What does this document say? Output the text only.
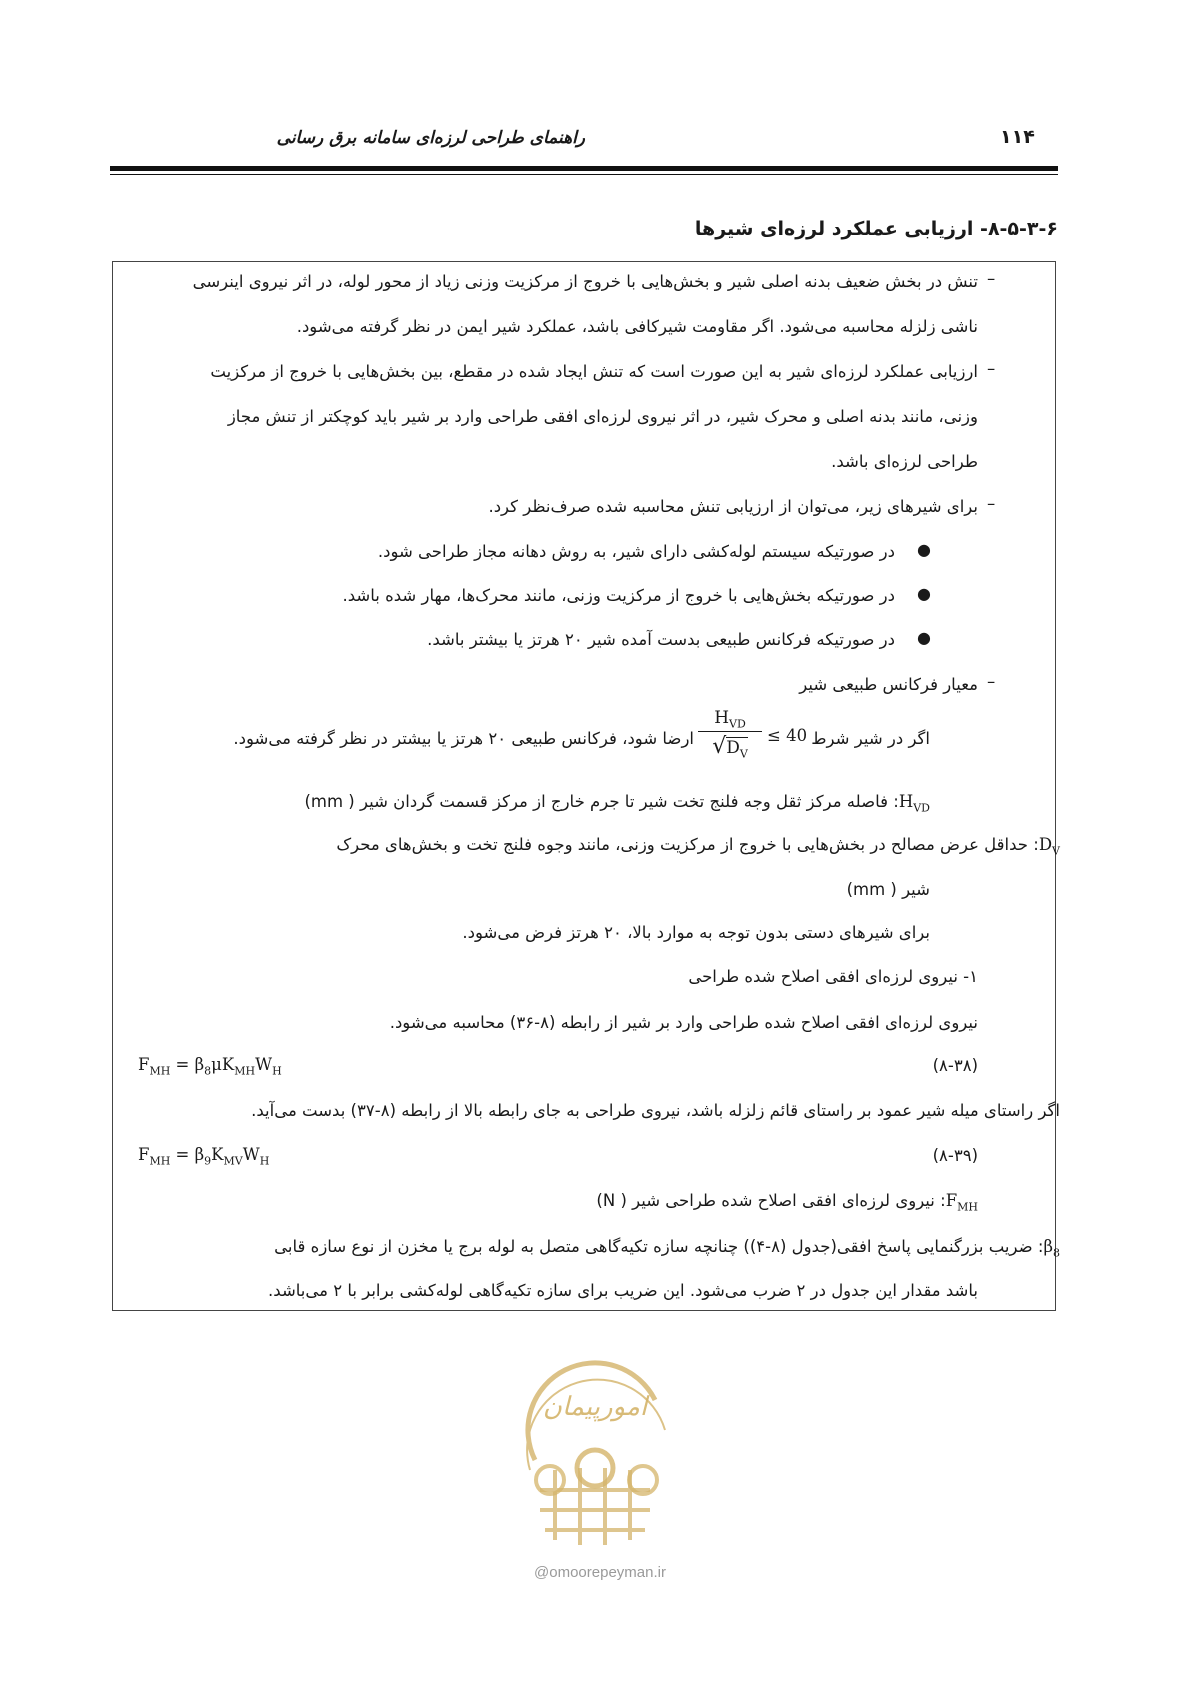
راهنمای طراحی لرزه‌ای سامانه برق رسانی	۱۱۴
۸-۵-۳-۶- ارزیابی عملکرد لرزه‌ای شیرها
–
تنش در بخش ضعیف بدنه اصلی شیر و بخش‌هایی با خروج از مرکزیت وزنی زیاد از محور لوله، در اثر نیروی اینرسی
ناشی زلزله محاسبه می‌شود. اگر مقاومت شیرکافی باشد، عملکرد شیر ایمن در نظر گرفته می‌شود.
–
ارزیابی عملکرد لرزه‌ای شیر به این صورت است که تنش ایجاد شده در مقطع، بین بخش‌هایی با خروج از مرکزیت
وزنی، مانند بدنه اصلی و محرک شیر، در اثر نیروی لرزه‌ای افقی طراحی وارد بر شیر باید کوچکتر از تنش مجاز
طراحی لرزه‌ای باشد.
–
برای شیرهای زیر، می‌توان از ارزیابی تنش محاسبه شده صرف‌نظر کرد.
●
در صورتیکه سیستم لوله‌کشی دارای شیر، به روش دهانه مجاز طراحی شود.
●
در صورتیکه بخش‌هایی با خروج از مرکزیت وزنی، مانند محرک‌ها، مهار شده باشد.
●
در صورتیکه فرکانس طبیعی بدست آمده شیر ۲۰ هرتز یا بیشتر باشد.
–
معیار فرکانس طبیعی شیر
اگر در شیر شرط
≤ 40
$H_{VD}$
$√D_V$
ارضا شود، فرکانس طبیعی ۲۰ هرتز یا بیشتر در نظر گرفته می‌شود.
$H_{VD}$: فاصله مرکز ثقل وجه فلنج تخت شیر تا جرم خارج از مرکز قسمت گردان شیر ( mm)
$D_V$: حداقل عرض مصالح در بخش‌هایی با خروج از مرکزیت وزنی، مانند وجوه فلنج تخت و بخش‌های محرک
شیر ( mm)
برای شیرهای دستی بدون توجه به موارد بالا، ۲۰ هرتز فرض می‌شود.
۱- نیروی لرزه‌ای افقی اصلاح شده طراحی
نیروی لرزه‌ای افقی اصلاح شده طراحی وارد بر شیر از رابطه (۸-۳۶) محاسبه می‌شود.
(۸-۳۸)
$F_{MH} = \beta_8\mu K_{MH}W_H$
اگر راستای میله شیر عمود بر راستای قائم زلزله باشد، نیروی طراحی به جای رابطه بالا از رابطه (۸-۳۷) بدست می‌آید.
(۸-۳۹)
$F_{MH} = \beta_9K_{MV}W_H$
$F_{MH}$: نیروی لرزه‌ای افقی اصلاح شده طراحی شیر ( N)
$\beta_8$: ضریب بزرگنمایی پاسخ افقی(جدول (۸-۴)) چنانچه سازه تکیه‌گاهی متصل به لوله برج یا مخزن از نوع سازه قابی
باشد مقدار این جدول در ۲ ضرب می‌شود. این ضریب برای سازه تکیه‌گاهی لوله‌کشی برابر با ۲ می‌باشد.
امورپیمان
@omoorepeyman.ir
